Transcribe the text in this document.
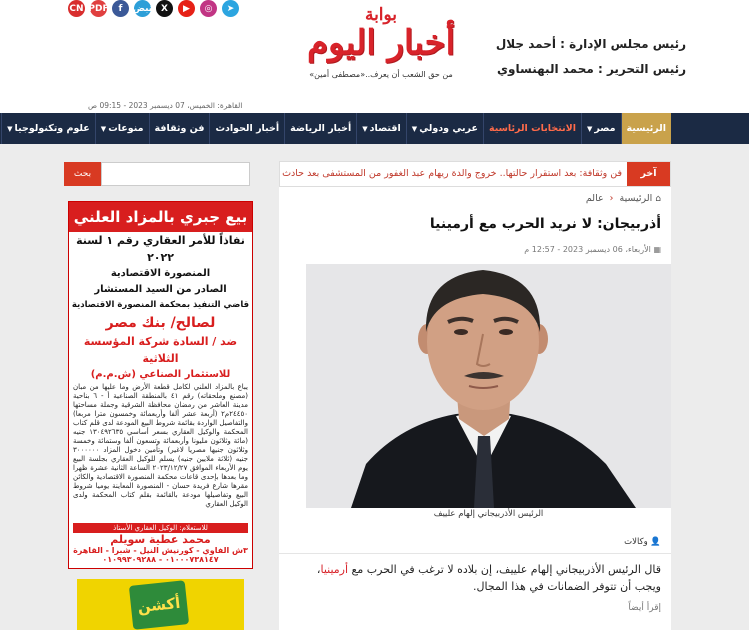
CN PDF	f	نبض X	▶	◎	➤	بوابة
أخبار اليوم
من حق الشعب أن يعرف..«مصطفى أمين»
رئيس مجلس الإدارة : أحمد جلال
رئيس التحرير : محمد البهنساوي
القاهرة: الخميس، 07 ديسمبر 2023 - 09:15 ص
الرئيسية
مصر▼
الانتخابات الرئاسية
عربي ودولي▼
اقتصاد▼
أخبار الرياضة
أخبار الحوادث
فن وثقافة
منوعات▼
علوم وتكنولوجيا▼
آخر
فن وثقافة: بعد استقرار حالتها.. خروج والدة ريهام عبد الغفور من المستشفى بعد حادث
بحث
⌂ الرئيسية ‹ عالم
أذربيجان: لا نريد الحرب مع أرمينيا
▦ الأربعاء، 06 ديسمبر 2023 - 12:57 م
الرئيس الأذربيجاني إلهام علييف
👤 وكالات
قال الرئيس الأذربيجاني إلهام علييف، إن بلاده لا ترغب في الحرب مع أرمينيا، ويجب أن تتوفر الضمانات في هذا المجال.
إقرأ أيضاً
بيع جبري بالمزاد العلني
نفاذاً للأمر العقاري رقم ١ لسنة ٢٠٢٢
المنصورة الاقتصادية
الصادر من السيد المستشار
قاضي التنفيذ بمحكمة المنصورة الاقتصادية
لصالح/ بنك مصر
ضد / السادة شركة المؤسسة الثلاثية
للاستثمار الصناعي (ش.م.م)
يباع بالمزاد العلني لكامل قطعة الأرض وما عليها من مبان (مصنع وملحقاته) رقم ٤١ بالمنطقة الصناعية أ - ٦ بناحية مدينة العاشر من رمضان محافظة الشرقية وجملة مساحتها ٢٤٤٥٠م٢ (أربعة عشر ألفا وأربعمائة وخمسون مترا مربعا) والتفاصيل الواردة بقائمة شروط البيع المودعة لدى قلم كتاب المحكمة والوكيل العقاري بسعر أساسي ١٣٠٤٩٢٦٣٥ جنيه (مائة وثلاثون مليونا وأربعمائة وتسعون ألفا وستمائة وخمسة وثلاثون جنيها مصريا لاغير) وتأمين دخول المزاد ٣٠٠٠٠٠٠ جنيه (ثلاثة ملايين جنيه) يسلم للوكيل العقاري بجلسة البيع يوم الأربعاء الموافق ٢٠٢٣/١٢/٢٧ الساعة الثانية عشرة ظهرا وما بعدها بإحدى قاعات محكمة المنصورة الاقتصادية والكائن مقرها شارع فريدة حسان - المنصورة المعاينة يوميا شروط البيع وتفاصيلها مودعة بالقائمة بقلم كتاب المحكمة ولدى الوكيل العقاري
للاستعلام: الوكيل العقاري الأستاذ
محمد عطية سويلم
٣ش الفاوي - كورنيش النيل - شبرا - القاهرة
٠١٠٠٠٧٣٨١٤٧ - ٠١٠٩٩٣٠٩٢٨٨
أكشن
